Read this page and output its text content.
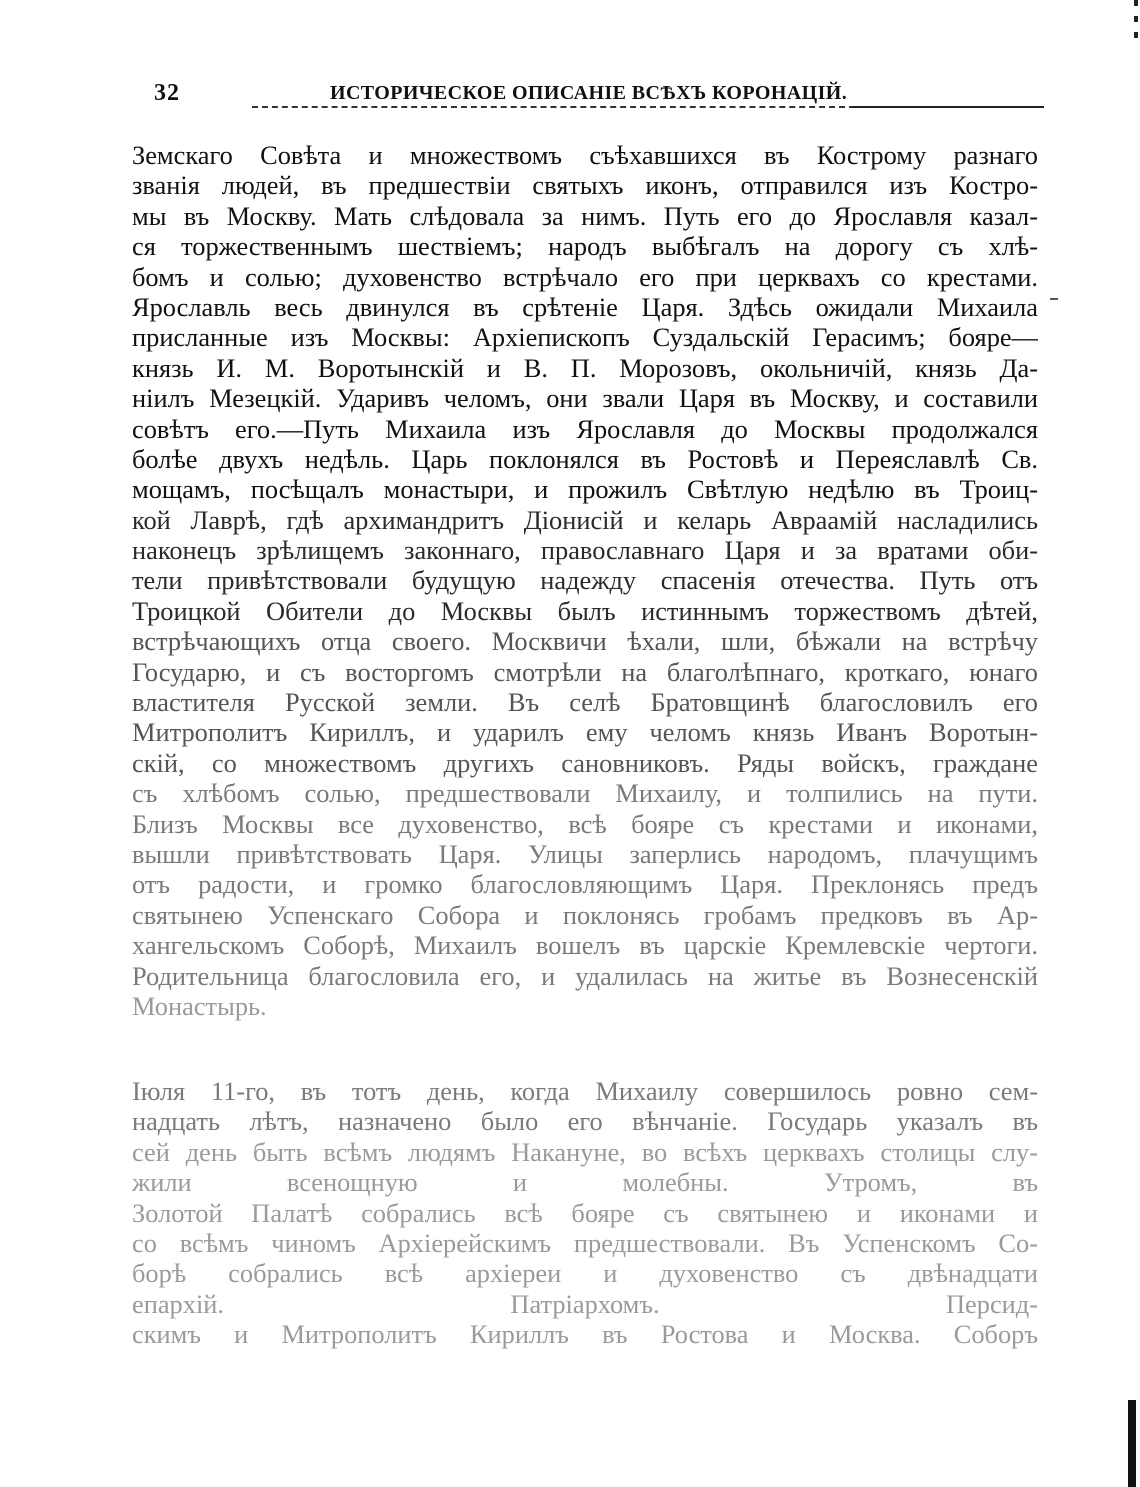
32	ИСТОРИЧЕСКОЕ ОПИСАНІЕ ВСѢХЪ КОРОНАЦІЙ.
Земскаго Совѣта и множествомъ съѣхавшихся въ Кострому разнаго
званія людей, въ предшествіи святыхъ иконъ, отправился изъ Костро-
мы въ Москву. Мать слѣдовала за нимъ. Путь его до Ярославля казал-
ся торжественнымъ шествіемъ; народъ выбѣгалъ на дорогу съ хлѣ-
бомъ и солью; духовенство встрѣчало его при церквахъ со крестами.
Ярославль весь двинулся въ срѣтеніе Царя. Здѣсь ожидали Михаила
присланные изъ Москвы: Архіепископъ Суздальскій Герасимъ; бояре—
князь И. М. Воротынскій и В. П. Морозовъ, окольничій, князь Да-
ніилъ Мезецкій. Ударивъ челомъ, они звали Царя въ Москву, и составили
совѣтъ его.—Путь Михаила изъ Ярославля до Москвы продолжался
болѣе двухъ недѣль. Царь поклонялся въ Ростовѣ и Переяславлѣ Св.
мощамъ, посѣщалъ монастыри, и прожилъ Свѣтлую недѣлю въ Троиц-
кой Лаврѣ, гдѣ архимандритъ Діонисій и келарь Авраамій насладились
наконецъ зрѣлищемъ законнаго, православнаго Царя и за вратами оби-
тели привѣтствовали будущую надежду спасенія отечества. Путь отъ
Троицкой Обители до Москвы былъ истиннымъ торжествомъ дѣтей,
встрѣчающихъ отца своего. Москвичи ѣхали, шли, бѣжали на встрѣчу
Государю, и съ восторгомъ смотрѣли на благолѣпнаго, кроткаго, юнаго
властителя Русской земли. Въ селѣ Братовщинѣ благословилъ его
Митрополитъ Кириллъ, и ударилъ ему челомъ князь Иванъ Воротын-
скій, со множествомъ другихъ сановниковъ. Ряды войскъ, граждане
съ хлѣбомъ солью, предшествовали Михаилу, и толпились на пути.
Близъ Москвы все духовенство, всѣ бояре съ крестами и иконами,
вышли привѣтствовать Царя. Улицы заперлись народомъ, плачущимъ
отъ радости, и громко благословляющимъ Царя. Преклонясь предъ
святынею Успенскаго Собора и поклонясь гробамъ предковъ въ Ар-
хангельскомъ Соборѣ, Михаилъ вошелъ въ царскіе Кремлевскіе чертоги.
Родительница благословила его, и удалилась на житье въ Вознесенскій
Монастырь.
Іюля 11-го, въ тотъ день, когда Михаилу совершилось ровно сем-
надцать лѣтъ, назначено было его вѣнчаніе. Государь указалъ въ
сей день быть всѣмъ людямъ Накануне, во всѣхъ церквахъ столицы слу-
жили всенощную и молебны. Утромъ, въ
Золотой Палатѣ собрались всѣ бояре съ святынею и иконами и
со всѣмъ чиномъ Архіерейскимъ предшествовали. Въ Успенскомъ Со-
борѣ собрались всѣ архіереи и духовенство съ двѣнадцати
епархій. Патріархомъ. Персид-
скимъ и Митрополитъ Кириллъ въ Ростова и Москва. Соборъ
